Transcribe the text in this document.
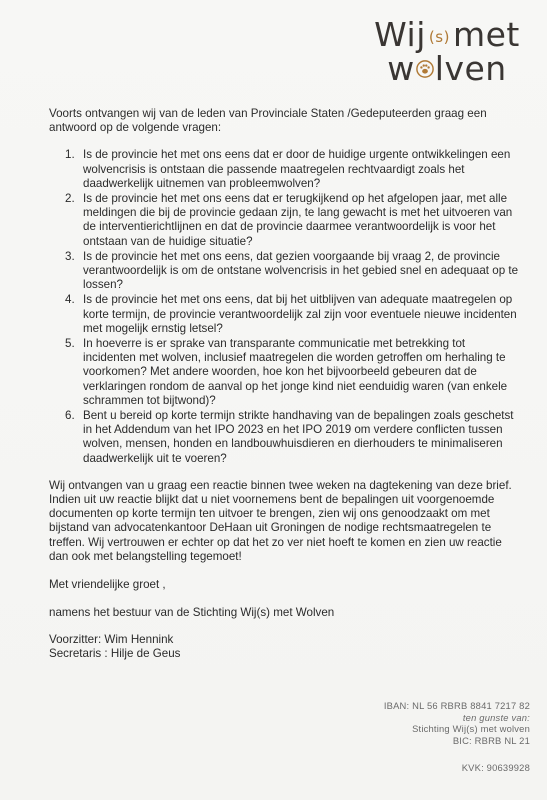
Wij (s)met
w lven

Voorts ontvangen wij van de leden van Provinciale Staten /Gedeputeerden graag een antwoord op de volgende vragen:

1. Is de provincie het met ons eens dat er door de huidige urgente ontwikkelingen een wolvencrisis is ontstaan die passende maatregelen rechtvaardigt zoals het daadwerkelijk uitnemen van probleemwolven?
2. Is de provincie het met ons eens dat er terugkijkend op het afgelopen jaar, met alle meldingen die bij de provincie gedaan zijn, te lang gewacht is met het uitvoeren van de interventierichtlijnen en dat de provincie daarmee verantwoordelijk is voor het ontstaan van de huidige situatie?
3. Is de provincie het met ons eens, dat gezien voorgaande bij vraag 2, de provincie verantwoordelijk is om de ontstane wolvencrisis in het gebied snel en adequaat op te lossen?
4. Is de provincie het met ons eens, dat bij het uitblijven van adequate maatregelen op korte termijn, de provincie verantwoordelijk zal zijn voor eventuele nieuwe incidenten met mogelijk ernstig letsel?
5. In hoeverre is er sprake van transparante communicatie met betrekking tot incidenten met wolven, inclusief maatregelen die worden getroffen om herhaling te voorkomen? Met andere woorden, hoe kon het bijvoorbeeld gebeuren dat de verklaringen rondom de aanval op het jonge kind niet eenduidig waren (van enkele schrammen tot bijtwond)?
6. Bent u bereid op korte termijn strikte handhaving van de bepalingen zoals geschetst in het Addendum van het IPO 2023 en het IPO 2019 om verdere conflicten tussen wolven, mensen, honden en landbouwhuisdieren en dierhouders te minimaliseren daadwerkelijk uit te voeren?

Wij ontvangen van u graag een reactie binnen twee weken na dagtekening van deze brief. Indien uit uw reactie blijkt dat u niet voornemens bent de bepalingen uit voorgenoemde documenten op korte termijn ten uitvoer te brengen, zien wij ons genoodzaakt om met bijstand van advocatenkantoor DeHaan uit Groningen de nodige rechtsmaatregelen te treffen. Wij vertrouwen er echter op dat het zo ver niet hoeft te komen en zien uw reactie dan ook met belangstelling tegemoet!

Met vriendelijke groet ,

namens het bestuur van de Stichting Wij(s) met Wolven

Voorzitter: Wim Hennink

Secretaris : Hilje de Geus

IBAN: NL 56 RBRB 8841 7217 82
ten gunste van:
Stichting Wij(s) met wolven
BIC: RBRB NL 21
KVK: 90639928
